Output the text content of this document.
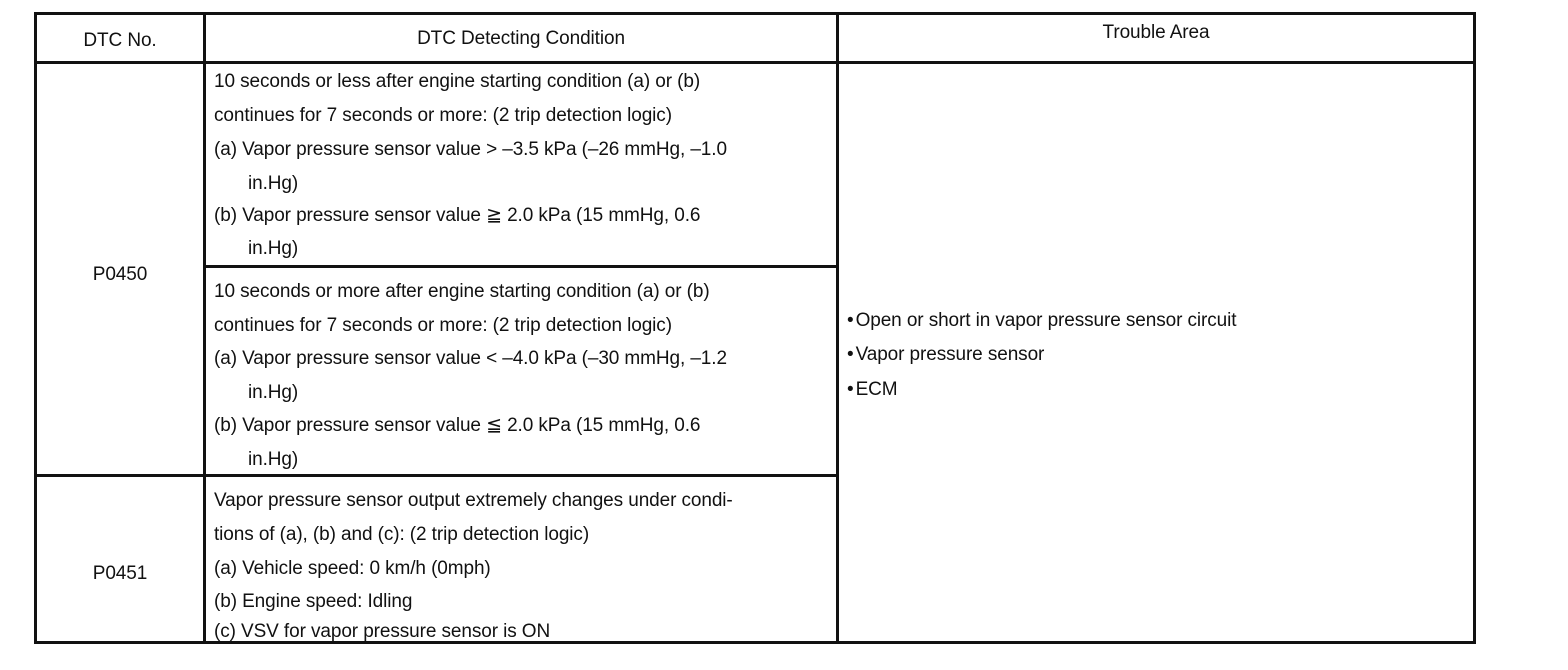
DTC No.	DTC Detecting Condition	Trouble Area
P0450
P0451
10 seconds or less after engine starting condition (a) or (b)
continues for 7 seconds or more: (2 trip detection logic)
(a) Vapor pressure sensor value > –3.5 kPa (–26 mmHg, –1.0
in.Hg)
(b) Vapor pressure sensor value ≧ 2.0 kPa (15 mmHg, 0.6
in.Hg)
10 seconds or more after engine starting condition (a) or (b)
continues for 7 seconds or more: (2 trip detection logic)
(a) Vapor pressure sensor value < –4.0 kPa (–30 mmHg, –1.2
in.Hg)
(b) Vapor pressure sensor value ≦ 2.0 kPa (15 mmHg, 0.6
in.Hg)
Vapor pressure sensor output extremely changes under condi-
tions of (a), (b) and (c): (2 trip detection logic)
(a) Vehicle speed: 0 km/h (0mph)
(b) Engine speed: Idling
(c) VSV for vapor pressure sensor is ON
• Open or short in vapor pressure sensor circuit
• Vapor pressure sensor
• ECM
